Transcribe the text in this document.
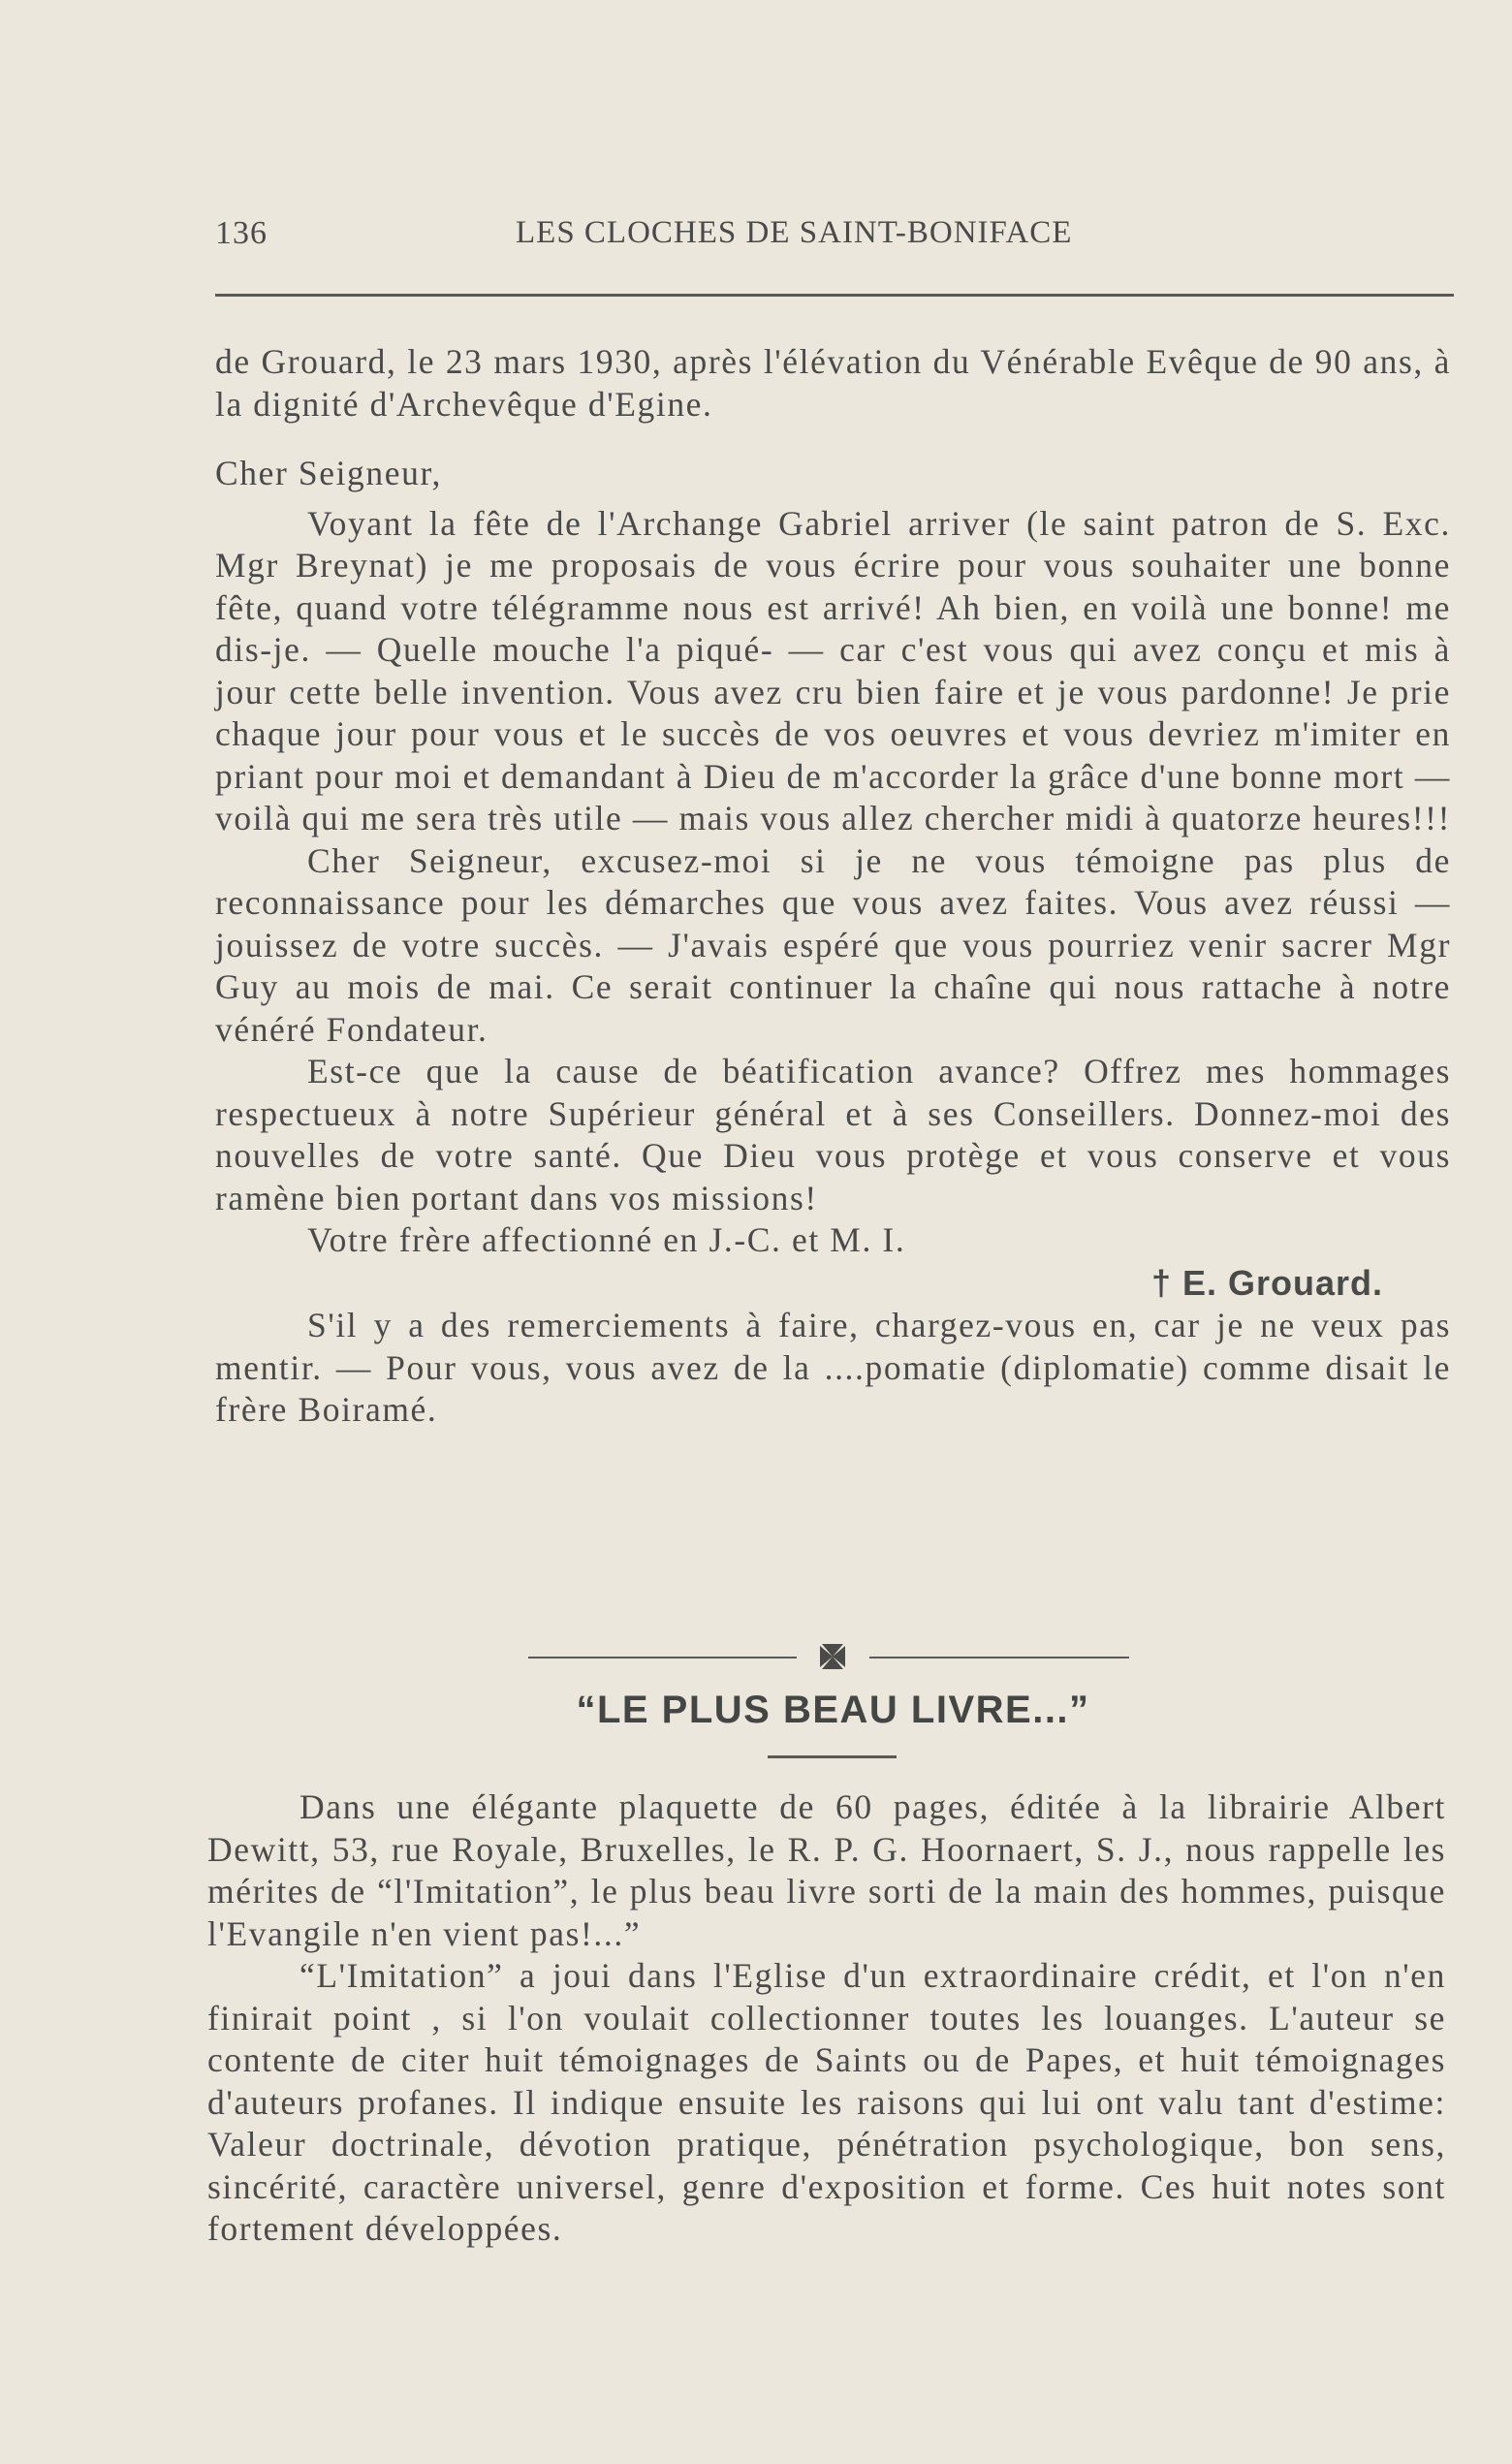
136	LES CLOCHES DE SAINT-BONIFACE

de Grouard, le 23 mars 1930, après l'élévation du Vénérable Evêque de 90 ans, à la dignité d'Archevêque d'Egine.

Cher Seigneur,

Voyant la fête de l'Archange Gabriel arriver (le saint patron de S. Exc. Mgr Breynat) je me proposais de vous écrire pour vous souhaiter une bonne fête, quand votre télégramme nous est arrivé! Ah bien, en voilà une bonne! me dis-je. — Quelle mouche l'a piqué- — car c'est vous qui avez conçu et mis à jour cette belle invention. Vous avez cru bien faire et je vous pardonne! Je prie chaque jour pour vous et le succès de vos oeuvres et vous devriez m'imiter en priant pour moi et demandant à Dieu de m'accorder la grâce d'une bonne mort — voilà qui me sera très utile — mais vous allez chercher midi à quatorze heures!!!

Cher Seigneur, excusez-moi si je ne vous témoigne pas plus de reconnaissance pour les démarches que vous avez faites. Vous avez réussi — jouissez de votre succès. — J'avais espéré que vous pourriez venir sacrer Mgr Guy au mois de mai. Ce serait continuer la chaîne qui nous rattache à notre vénéré Fondateur.

Est-ce que la cause de béatification avance? Offrez mes hommages respectueux à notre Supérieur général et à ses Conseillers. Donnez-moi des nouvelles de votre santé. Que Dieu vous protège et vous conserve et vous ramène bien portant dans vos missions!

Votre frère affectionné en J.-C. et M. I.

† E. Grouard.

S'il y a des remerciements à faire, chargez-vous en, car je ne veux pas mentir. — Pour vous, vous avez de la ....pomatie (diplomatie) comme disait le frère Boiramé.

“LE PLUS BEAU LIVRE...”

Dans une élégante plaquette de 60 pages, éditée à la librairie Albert Dewitt, 53, rue Royale, Bruxelles, le R. P. G. Hoornaert, S. J., nous rappelle les mérites de “l'Imitation”, le plus beau livre sorti de la main des hommes, puisque l'Evangile n'en vient pas!...”

“L'Imitation” a joui dans l'Eglise d'un extraordinaire crédit, et l'on n'en finirait point , si l'on voulait collectionner toutes les louanges. L'auteur se contente de citer huit témoignages de Saints ou de Papes, et huit témoignages d'auteurs profanes. Il indique ensuite les raisons qui lui ont valu tant d'estime: Valeur doctrinale, dévotion pratique, pénétration psychologique, bon sens, sincérité, caractère universel, genre d'exposition et forme. Ces huit notes sont fortement développées.
